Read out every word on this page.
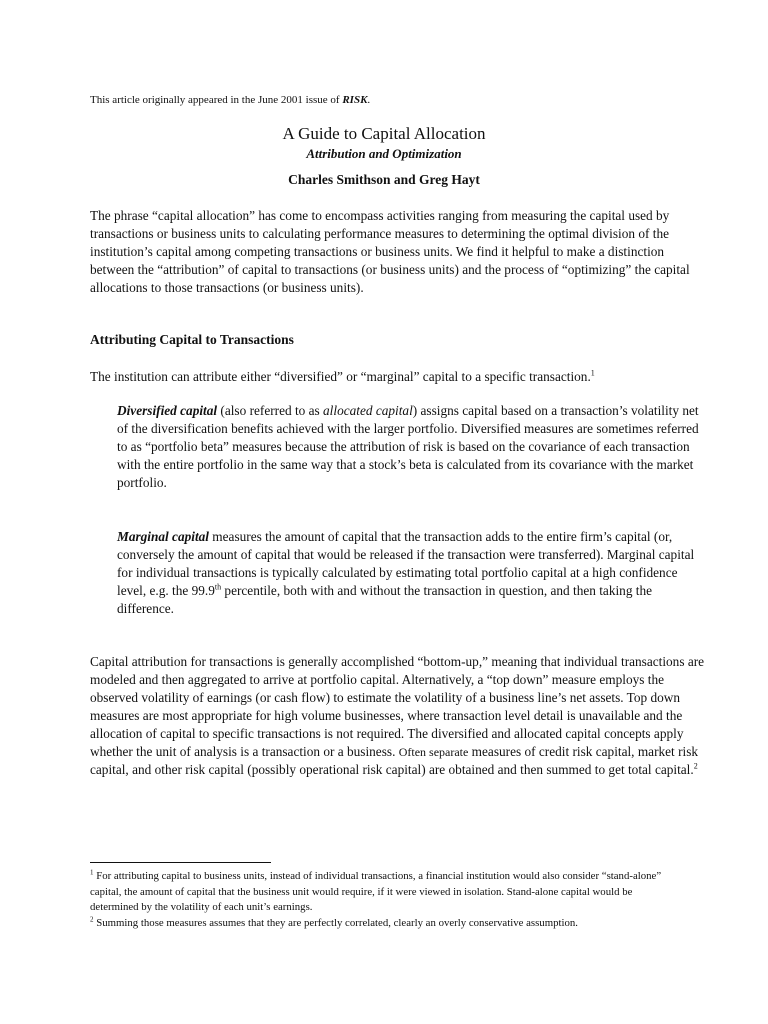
This article originally appeared in the June 2001 issue of RISK.
A Guide to Capital Allocation
Attribution and Optimization
Charles Smithson and Greg Hayt

The phrase “capital allocation” has come to encompass activities ranging from measuring the capital used by transactions or business units to calculating performance measures to determining the optimal division of the institution’s capital among competing transactions or business units. We find it helpful to make a distinction between the “attribution” of capital to transactions (or business units) and the process of “optimizing” the capital allocations to those transactions (or business units).

Attributing Capital to Transactions

The institution can attribute either “diversified” or “marginal” capital to a specific transaction.$^1$

Diversified capital (also referred to as allocated capital) assigns capital based on a transaction’s volatility net of the diversification benefits achieved with the larger portfolio. Diversified measures are sometimes referred to as “portfolio beta” measures because the attribution of risk is based on the covariance of each transaction with the entire portfolio in the same way that a stock’s beta is calculated from its covariance with the market portfolio.

Marginal capital measures the amount of capital that the transaction adds to the entire firm’s capital (or, conversely the amount of capital that would be released if the transaction were transferred). Marginal capital for individual transactions is typically calculated by estimating total portfolio capital at a high confidence level, e.g. the 99.9th percentile, both with and without the transaction in question, and then taking the difference.

Capital attribution for transactions is generally accomplished “bottom-up,” meaning that individual transactions are modeled and then aggregated to arrive at portfolio capital. Alternatively, a “top down” measure employs the observed volatility of earnings (or cash flow) to estimate the volatility of a business line’s net assets. Top down measures are most appropriate for high volume businesses, where transaction level detail is unavailable and the allocation of capital to specific transactions is not required. The diversified and allocated capital concepts apply whether the unit of analysis is a transaction or a business. Often separate measures of credit risk capital, market risk capital, and other risk capital (possibly operational risk capital) are obtained and then summed to get total capital.$^2$

$^1$ For attributing capital to business units, instead of individual transactions, a financial institution would also consider “stand-alone” capital, the amount of capital that the business unit would require, if it were viewed in isolation. Stand-alone capital would be determined by the volatility of each unit’s earnings.

$^2$ Summing those measures assumes that they are perfectly correlated, clearly an overly conservative assumption.
